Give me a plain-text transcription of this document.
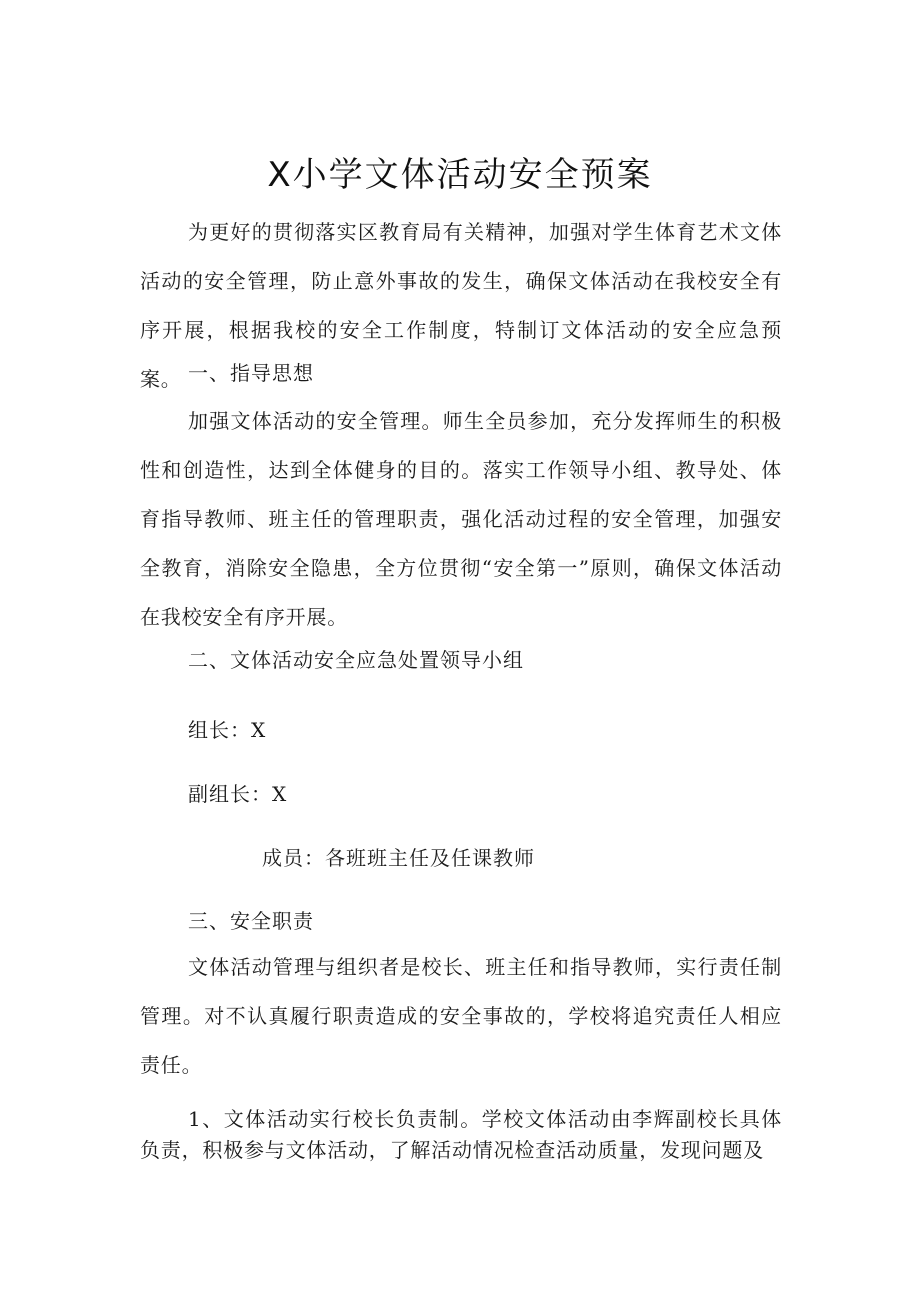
X小学文体活动安全预案

为更好的贯彻落实区教育局有关精神，加强对学生体育艺术文体活动的安全管理，防止意外事故的发生，确保文体活动在我校安全有序开展，根据我校的安全工作制度，特制订文体活动的安全应急预案。 一、指导思想

加强文体活动的安全管理。师生全员参加，充分发挥师生的积极性和创造性，达到全体健身的目的。落实工作领导小组、教导处、体育指导教师、班主任的管理职责，强化活动过程的安全管理，加强安全教育，消除安全隐患，全方位贯彻“安全第一”原则，确保文体活动在我校安全有序开展。

二、文体活动安全应急处置领导小组
组长：X
副组长：X
成员：各班班主任及任课教师
三、安全职责

文体活动管理与组织者是校长、班主任和指导教师，实行责任制管理。对不认真履行职责造成的安全事故的，学校将追究责任人相应责任。

1、文体活动实行校长负责制。学校文体活动由李辉副校长具体负责，积极参与文体活动，了解活动情况检查活动质量，发现问题及
